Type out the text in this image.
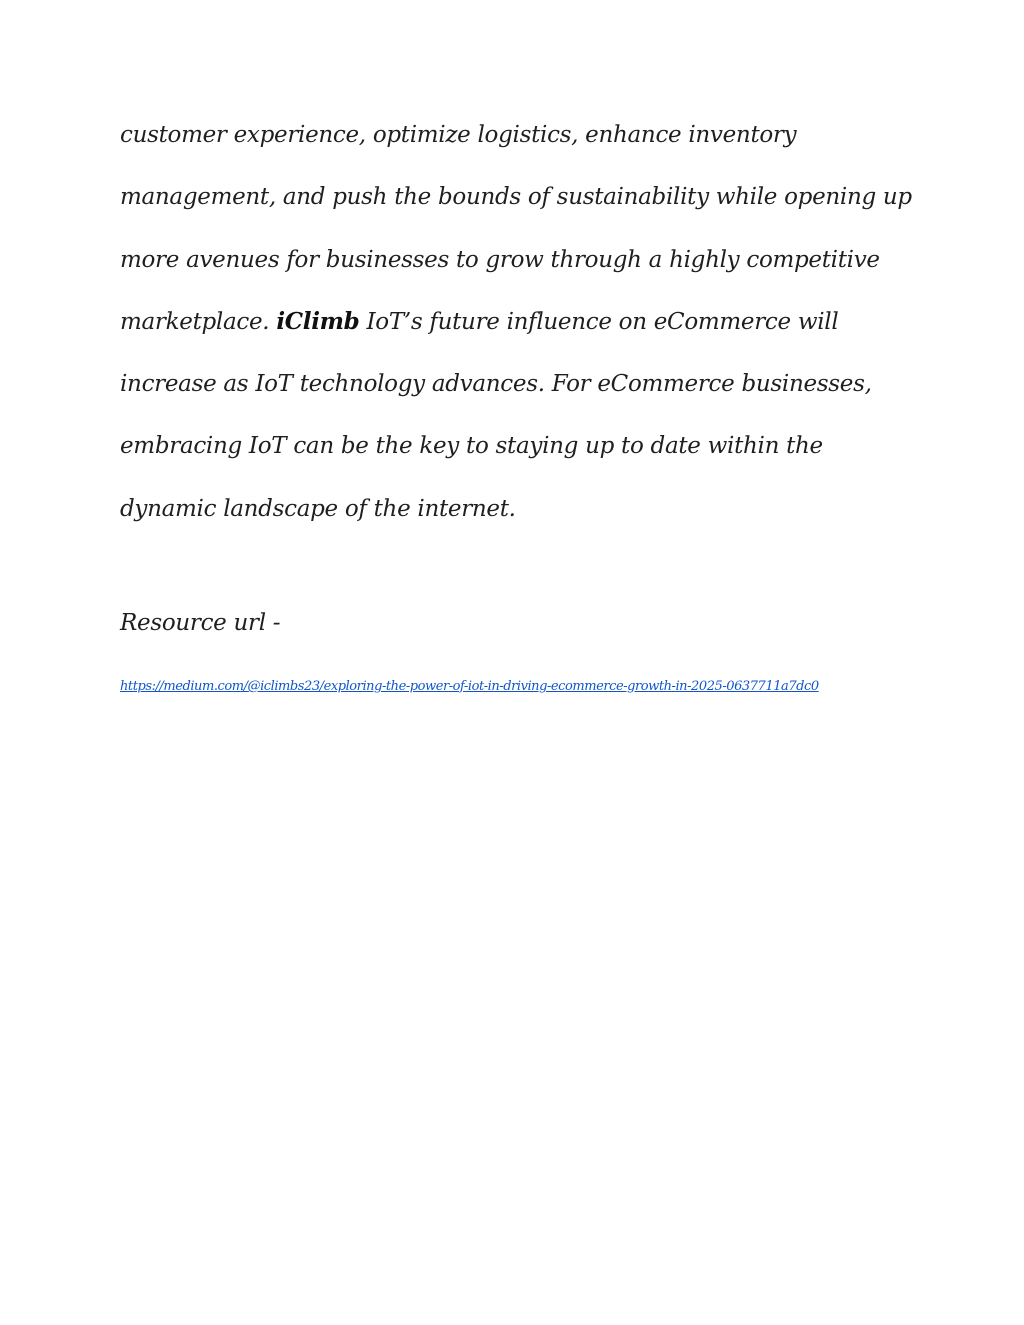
customer experience, optimize logistics, enhance inventory
management, and push the bounds of sustainability while opening up
more avenues for businesses to grow through a highly competitive
marketplace. iClimb IoT’s future influence on eCommerce will
increase as IoT technology advances. For eCommerce businesses,
embracing IoT can be the key to staying up to date within the
dynamic landscape of the internet.

Resource url -

https://medium.com/@iclimbs23/exploring-the-power-of-iot-in-driving-ecommerce-growth-in-2025-0637711a7dc0
